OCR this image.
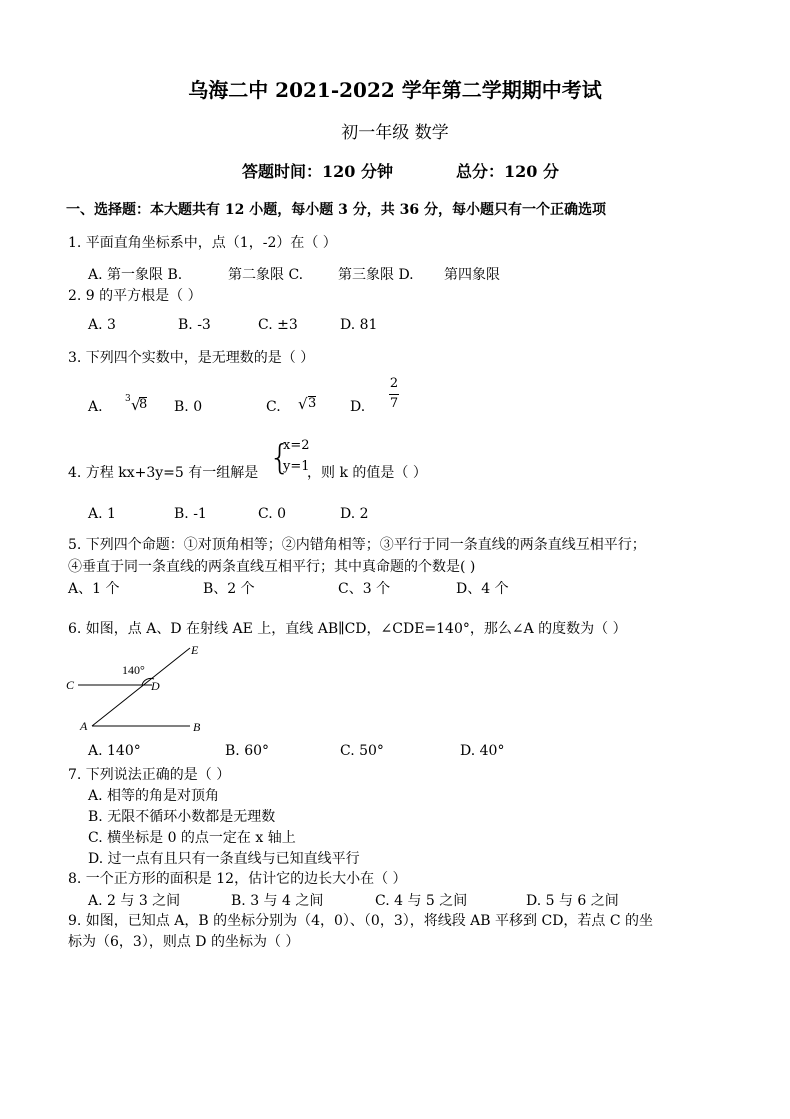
乌海二中 2021-2022 学年第二学期期中考试
初一年级 数学
答题时间：120 分钟	总分：120 分
一、选择题：本大题共有 12 小题，每小题 3 分，共 36 分，每小题只有一个正确选项
1. 平面直角坐标系中，点（1，-2）在（ ）
A. 第一象限 B.	第二象限 C. 第三象限 D. 第四象限
2. 9 的平方根是（ ）
A. 3	B. -3	C. ±3	D. 81
3. 下列四个实数中，是无理数的是（ ）
A. 3 √
8 B. 0	C. √ 3 D.
2
7
4. 方程 kx+3y=5 有一组解是 {
x=2
y=1
，则 k 的值是（ ）
A. 1	B. -1	C. 0	D. 2
5. 下列四个命题：①对顶角相等；②内错角相等；③平行于同一条直线的两条直线互相平行；
④垂直于同一条直线的两条直线互相平行；其中真命题的个数是( )
A、1 个	B、2 个	C、3 个	D、4 个
6. 如图，点 A、D 在射线 AE 上，直线 AB∥CD，∠CDE=140°，那么∠A 的度数为（ ）
140°
E
C	D
A	B
A. 140°	B. 60°	C. 50°	D. 40°
7. 下列说法正确的是（ ）
A. 相等的角是对顶角
B. 无限不循环小数都是无理数
C. 横坐标是 0 的点一定在 x 轴上
D. 过一点有且只有一条直线与已知直线平行
8. 一个正方形的面积是 12，估计它的边长大小在（ ）
A. 2 与 3 之间	B. 3 与 4 之间	C. 4 与 5 之间	D. 5 与 6 之间
9. 如图，已知点 A，B 的坐标分别为（4，0）、（0，3），将线段 AB 平移到 CD，若点 C 的坐
标为（6，3），则点 D 的坐标为（ ）
